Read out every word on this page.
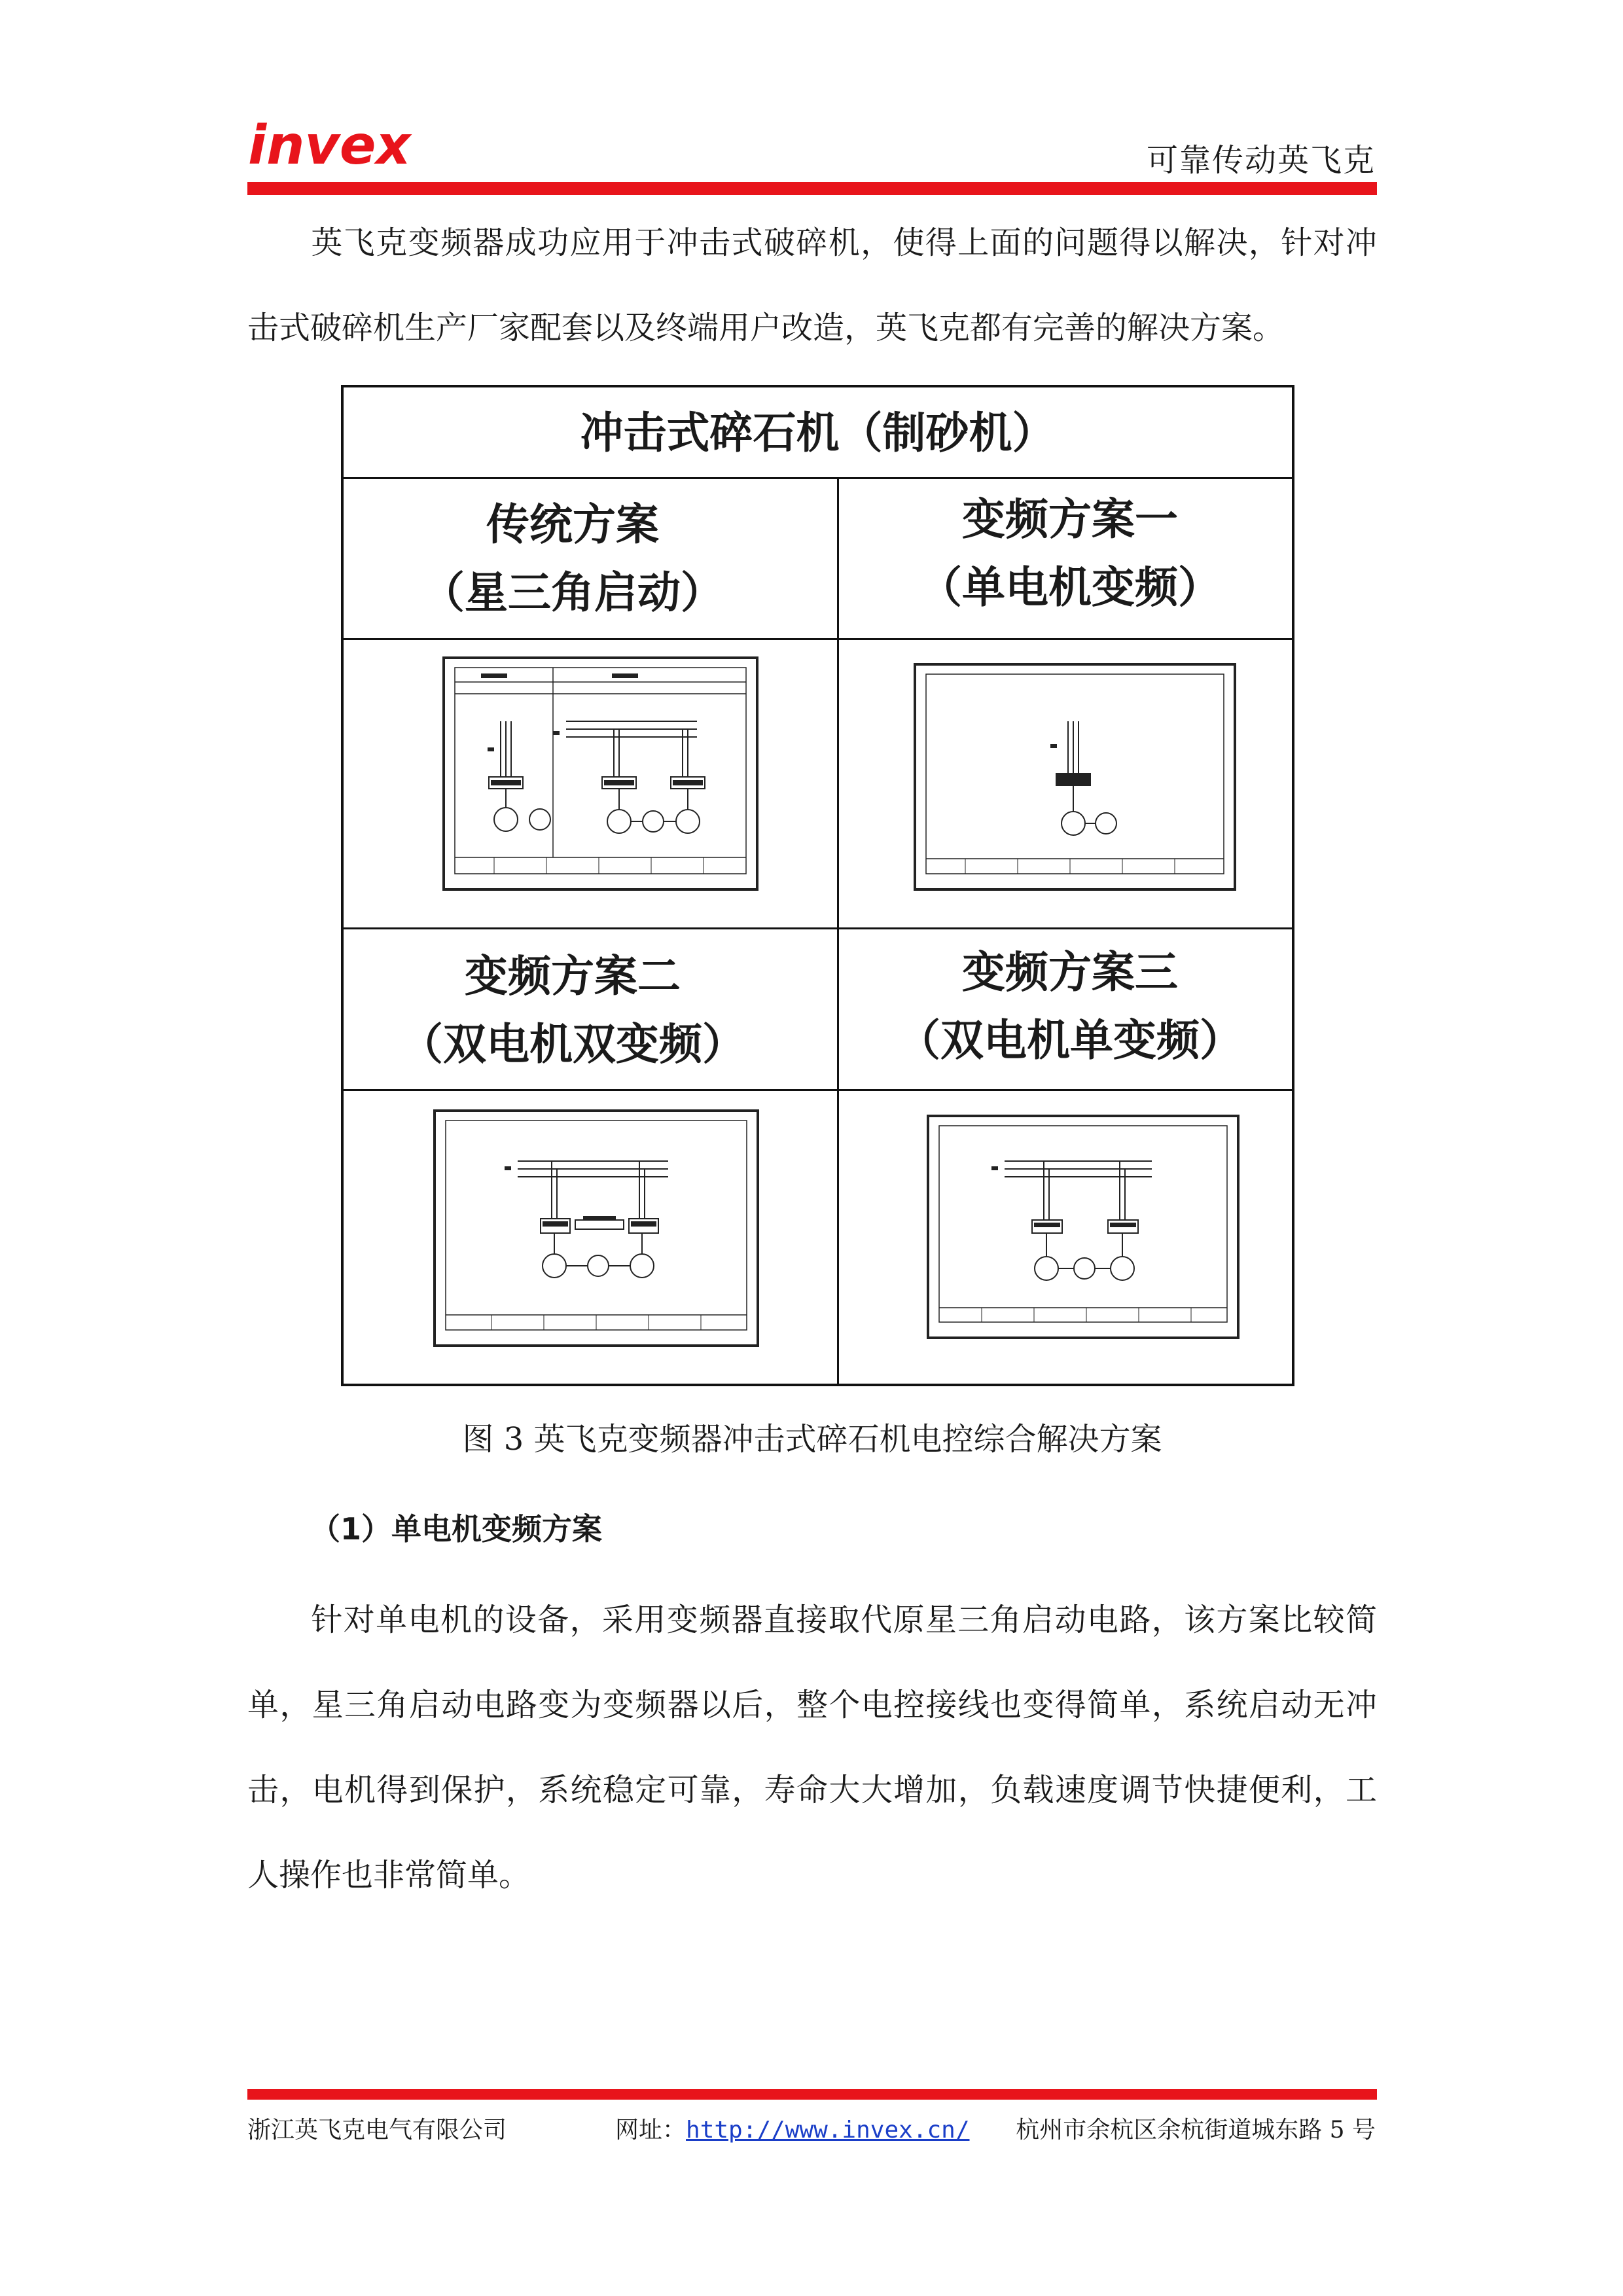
invex	可靠传动英飞克

英飞克变频器成功应用于冲击式破碎机，使得上面的问题得以解决，针对冲击式破碎机生产厂家配套以及终端用户改造，英飞克都有完善的解决方案。

冲击式碎石机（制砂机）
传统方案
（星三角启动）
变频方案一
（单电机变频）
变频方案二
（双电机双变频）
变频方案三
（双电机单变频）
图 3 英飞克变频器冲击式碎石机电控综合解决方案
（1）单电机变频方案

针对单电机的设备，采用变频器直接取代原星三角启动电路，该方案比较简单，星三角启动电路变为变频器以后，整个电控接线也变得简单，系统启动无冲击，电机得到保护，系统稳定可靠，寿命大大增加，负载速度调节快捷便利，工人操作也非常简单。

浙江英飞克电气有限公司	网址：http://www.invex.cn/ 杭州市余杭区余杭街道城东路 5 号
